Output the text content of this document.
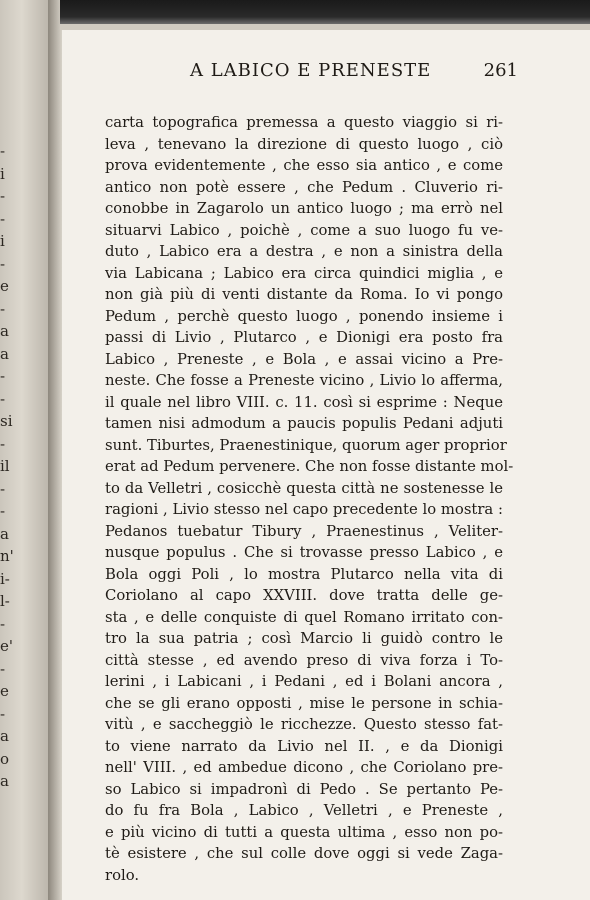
-
i
-
-
i
-
e
-
a
a
-
-
si
-
il
-
-
a
n'
i-
l-
-
e'
-
e
-
a
o
a
A LABICO E PRENESTE	261
carta topografica premessa a questo viaggio si ri-
leva , tenevano la direzione di questo luogo , ciò
prova evidentemente , che esso sia antico , e come
antico non potè essere , che Pedum . Cluverio ri-
conobbe in Zagarolo un antico luogo ; ma errò nel
situarvi Labico , poichè , come a suo luogo fu ve-
duto , Labico era a destra , e non a sinistra della
via Labicana ; Labico era circa quindici miglia , e
non già più di venti distante da Roma. Io vi pongo
Pedum , perchè questo luogo , ponendo insieme i
passi di Livio , Plutarco , e Dionigi era posto fra
Labico , Preneste , e Bola , e assai vicino a Pre-
neste. Che fosse a Preneste vicino , Livio lo afferma,
il quale nel libro VIII. c. 11. così si esprime : Neque
tamen nisi admodum a paucis populis Pedani adjuti
sunt. Tiburtes, Praenestinique, quorum ager proprior
erat ad Pedum pervenere. Che non fosse distante mol-
to da Velletri , cosicchè questa città ne sostenesse le
ragioni , Livio stesso nel capo precedente lo mostra :
Pedanos tuebatur Tibury , Praenestinus , Veliter-
nusque populus . Che si trovasse presso Labico , e
Bola oggi Poli , lo mostra Plutarco nella vita di
Coriolano al capo XXVIII. dove tratta delle ge-
sta , e delle conquiste di quel Romano irritato con-
tro la sua patria ; così Marcio li guidò contro le
città stesse , ed avendo preso di viva forza i To-
lerini , i Labicani , i Pedani , ed i Bolani ancora ,
che se gli erano opposti , mise le persone in schia-
vitù , e saccheggiò le ricchezze. Questo stesso fat-
to viene narrato da Livio nel II. , e da Dionigi
nell' VIII. , ed ambedue dicono , che Coriolano pre-
so Labico si impadronì di Pedo . Se pertanto Pe-
do fu fra Bola , Labico , Velletri , e Preneste ,
e più vicino di tutti a questa ultima , esso non po-
tè esistere , che sul colle dove oggi si vede Zaga-
rolo.
